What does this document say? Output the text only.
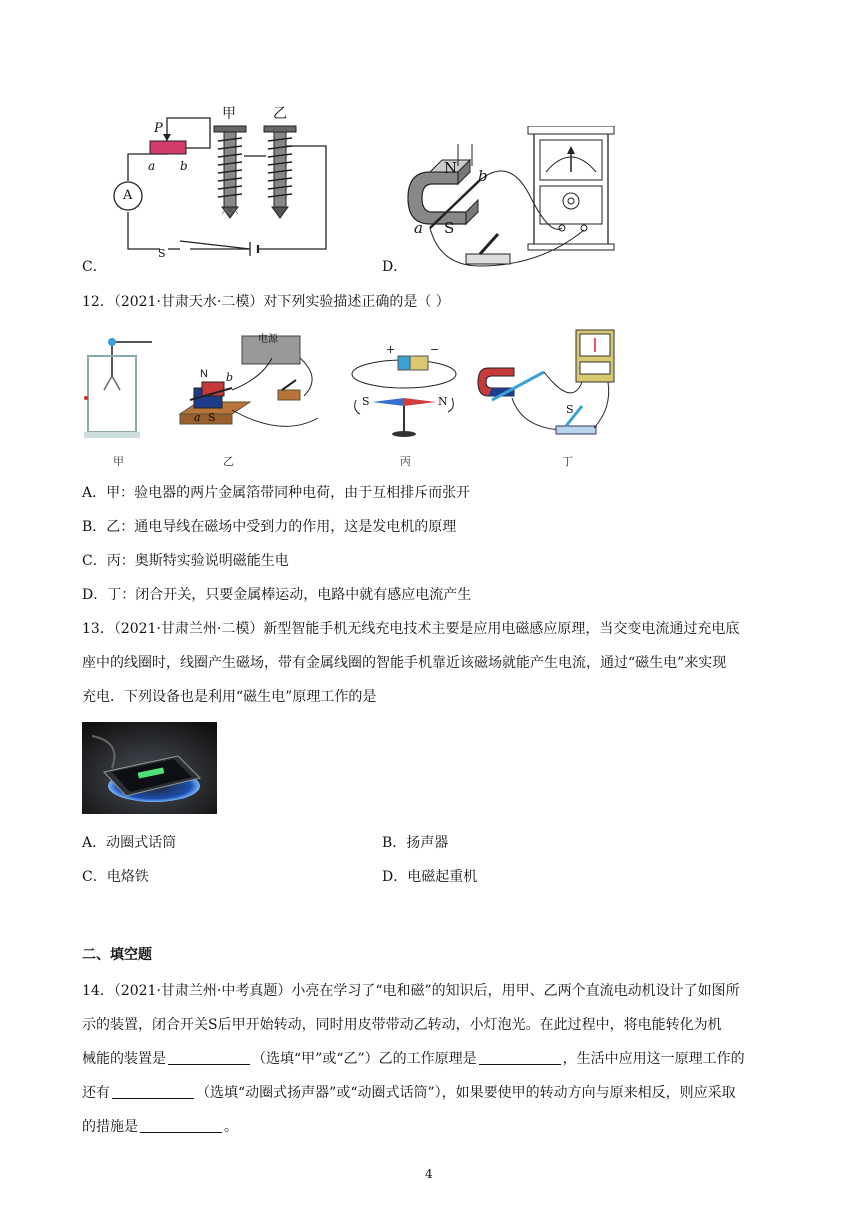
P
a b
甲	乙
A
S
C．
N b
a S
D．
12．（2021·甘肃天水·二模）对下列实验描述正确的是（ ）
电源
N b
a S
+	−
S	N
S
甲	乙	丙	丁
A．甲：验电器的两片金属箔带同种电荷，由于互相排斥而张开
B．乙：通电导线在磁场中受到力的作用，这是发电机的原理
C．丙：奥斯特实验说明磁能生电
D．丁：闭合开关，只要金属棒运动，电路中就有感应电流产生
13．（2021·甘肃兰州·二模）新型智能手机无线充电技术主要是应用电磁感应原理，当交变电流通过充电底
座中的线圈时，线圈产生磁场，带有金属线圈的智能手机靠近该磁场就能产生电流，通过“磁生电”来实现
充电．下列设备也是利用“磁生电”原理工作的是
A．动圈式话筒	B．扬声器
C．电烙铁	D．电磁起重机
二、填空题
14．（2021·甘肃兰州·中考真题）小亮在学习了“电和磁”的知识后，用甲、乙两个直流电动机设计了如图所
示的装置，闭合开关S后甲开始转动，同时用皮带带动乙转动，小灯泡光。在此过程中，将电能转化为机
械能的装置是	（选填“甲”或“乙”）乙的工作原理是	，生活中应用这一原理工作的
还有	（选填“动圈式扬声器”或“动圈式话筒”），如果要使甲的转动方向与原来相反，则应采取
的措施是	。
4
